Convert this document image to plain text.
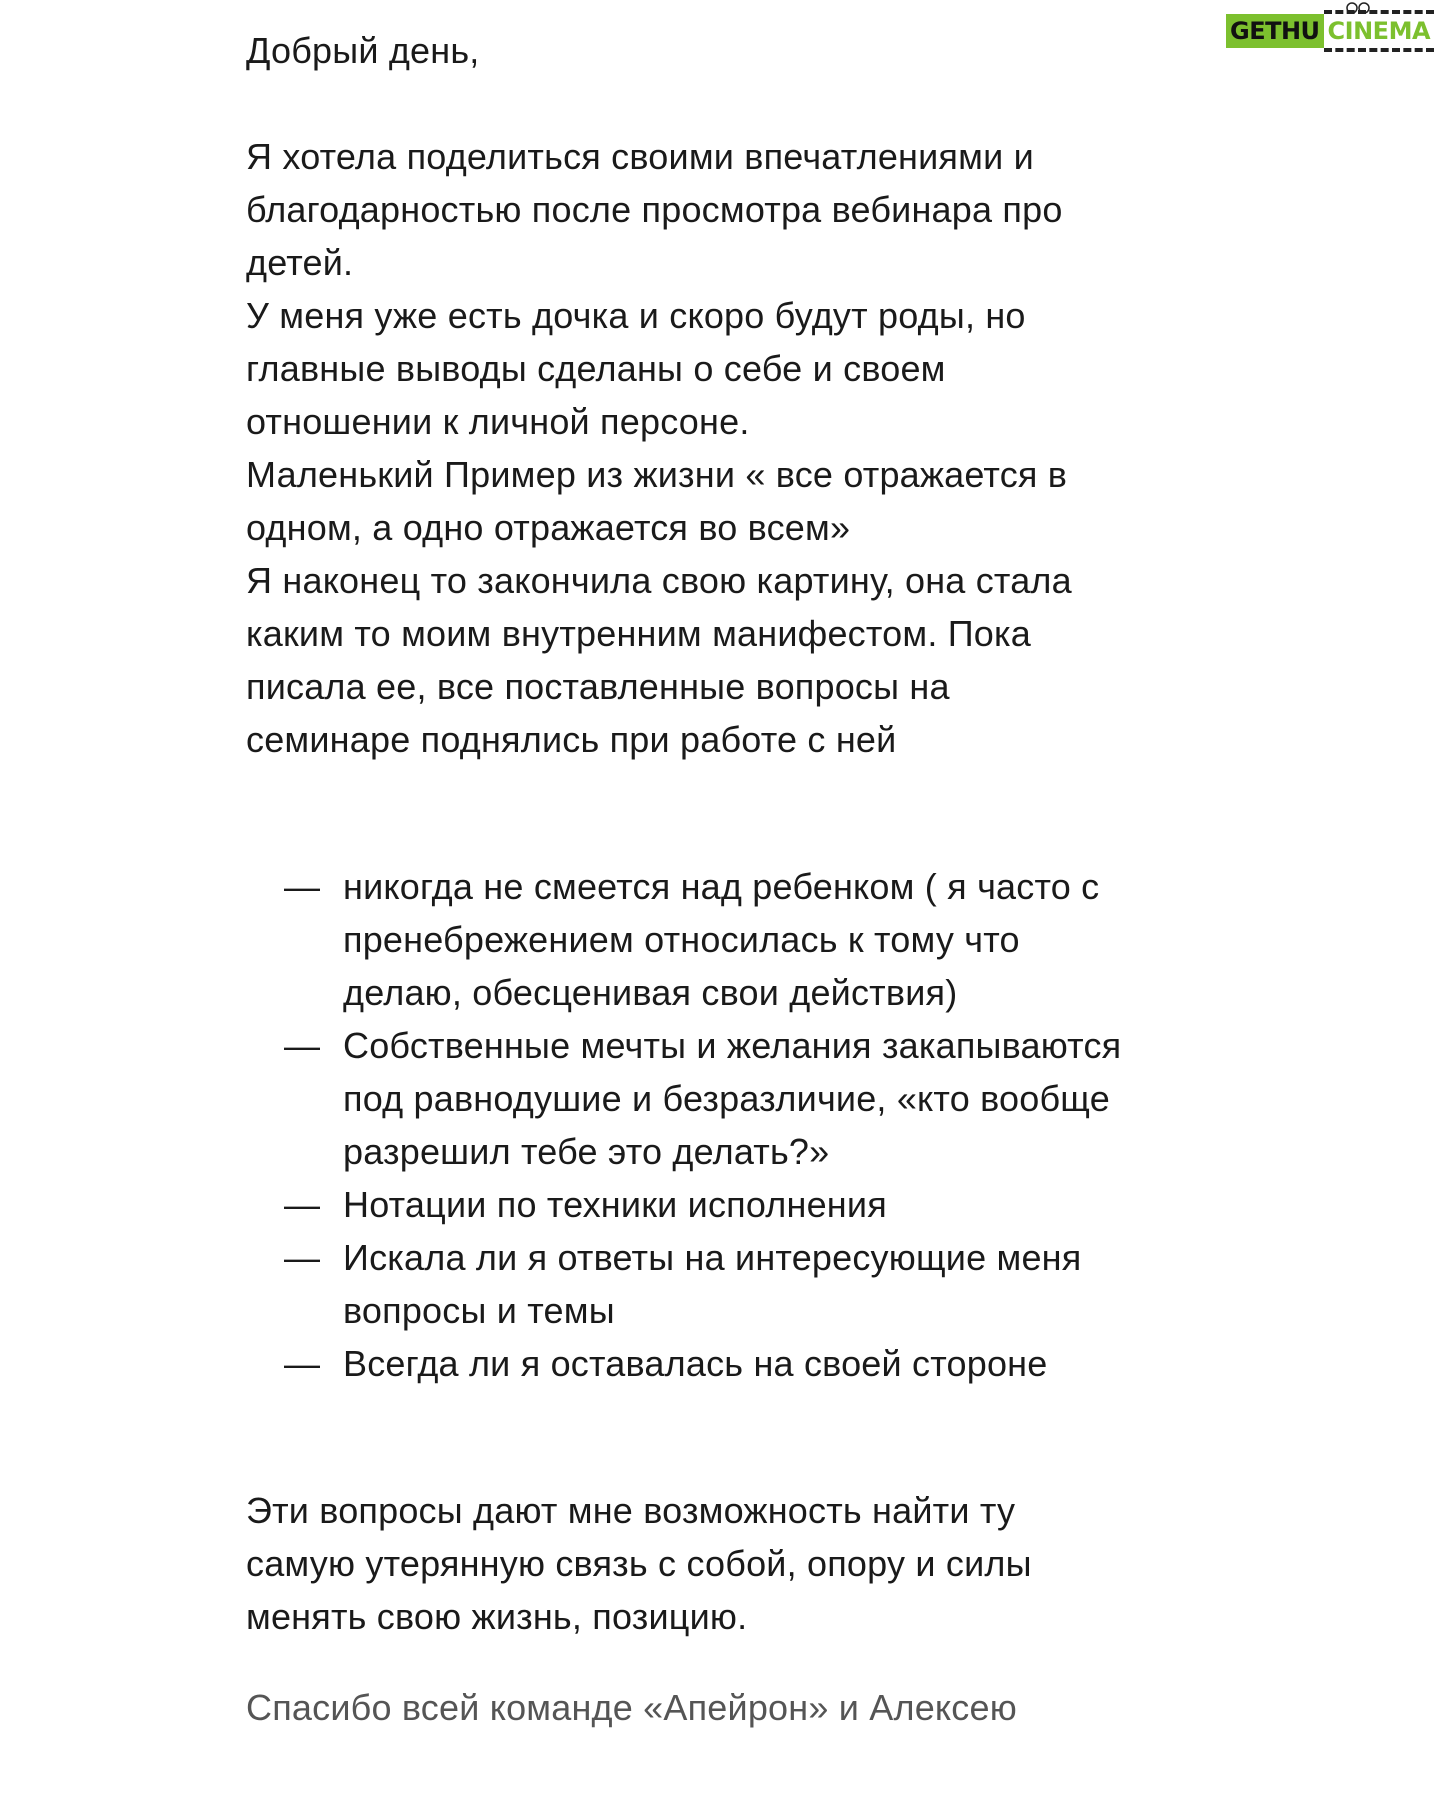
GETHU CINEMA

Добрый день,

Я хотела поделиться своими впечатлениями и

благодарностью после просмотра вебинара про

детей.

У меня уже есть дочка и скоро будут роды, но

главные выводы сделаны о себе и своем

отношении к личной персоне.

Маленький Пример из жизни « все отражается в

одном, а одно отражается во всем»

Я наконец то закончила свою картину, она стала

каким то моим внутренним манифестом. Пока

писала ее, все поставленные вопросы на

семинаре поднялись при работе с ней

— никогда не смеется над ребенком ( я часто с

пренебрежением относилась к тому что

делаю, обесценивая свои действия)

— Собственные мечты и желания закапываются

под равнодушие и безразличие, «кто вообще

разрешил тебе это делать?»

— Нотации по техники исполнения

— Искала ли я ответы на интересующие меня

вопросы и темы

— Всегда ли я оставалась на своей стороне

Эти вопросы дают мне возможность найти ту

самую утерянную связь с собой, опору и силы

менять свою жизнь, позицию.

Спасибо всей команде «Апейрон» и Алексею
